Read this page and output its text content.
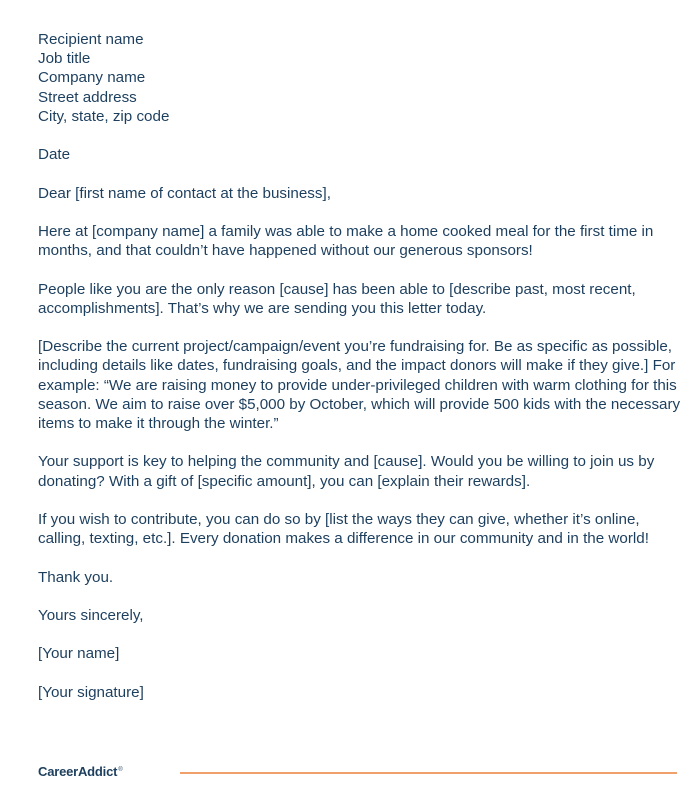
Recipient name
Job title
Company name
Street address
City, state, zip code
Date
Dear [first name of contact at the business],
Here at [company name] a family was able to make a home cooked meal for the first time in months, and that couldn’t have happened without our generous sponsors!
People like you are the only reason [cause] has been able to [describe past, most recent, accomplishments]. That’s why we are sending you this letter today.
[Describe the current project/campaign/event you’re fundraising for. Be as specific as possible, including details like dates, fundraising goals, and the impact donors will make if they give.] For example: “We are raising money to provide under-privileged children with warm clothing for this season. We aim to raise over $5,000 by October, which will provide 500 kids with the necessary items to make it through the winter.”
Your support is key to helping the community and [cause]. Would you be willing to join us by donating? With a gift of [specific amount], you can [explain their rewards].
If you wish to contribute, you can do so by [list the ways they can give, whether it’s online, calling, texting, etc.]. Every donation makes a difference in our community and in the world!
Thank you.
Yours sincerely,
[Your name]
[Your signature]
CareerAddict®
